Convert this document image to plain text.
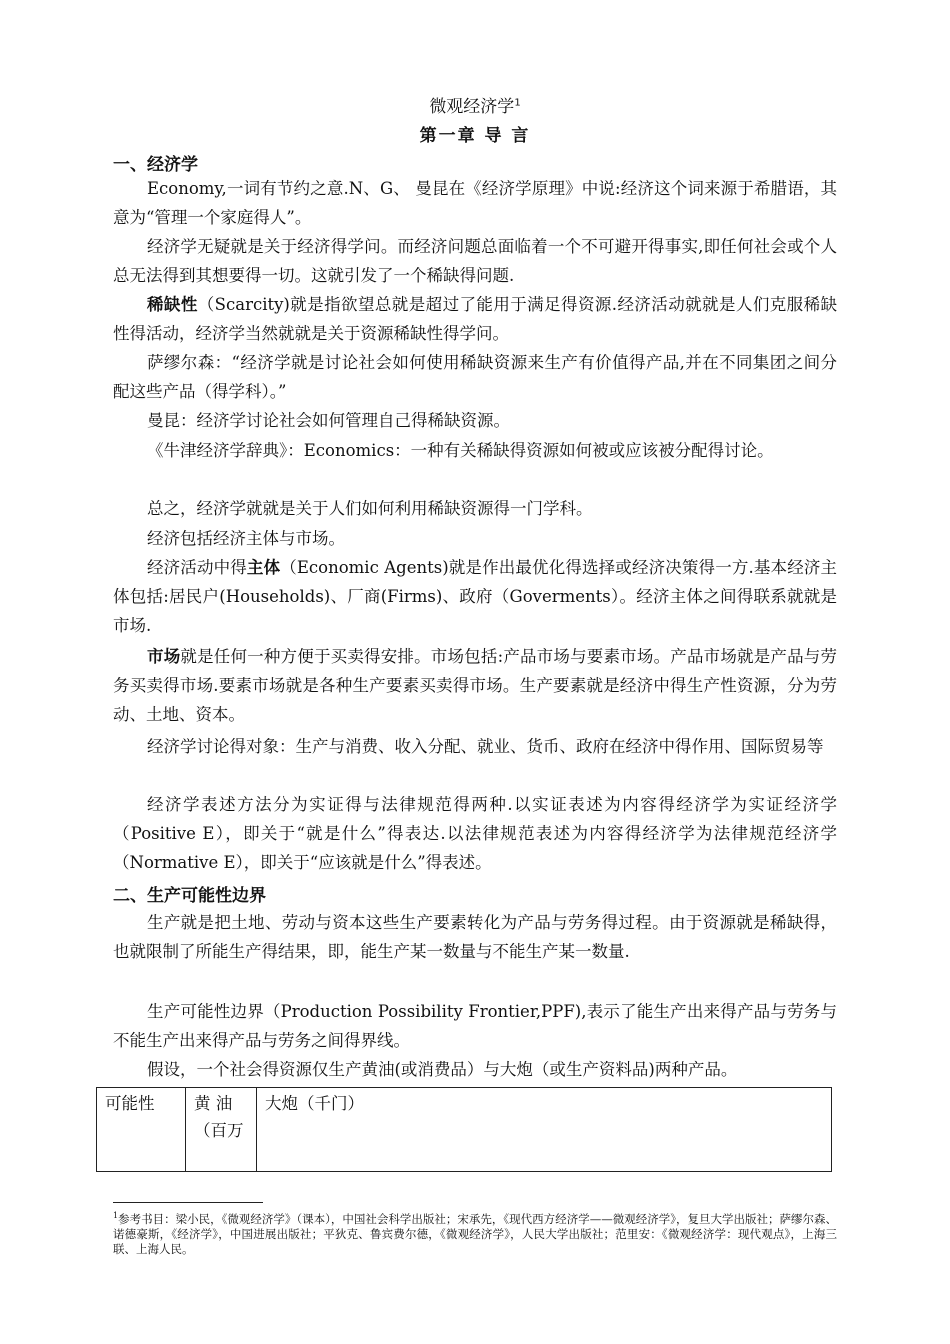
微观经济学$^1$
第一章 导 言
一、经济学
Economy,一词有节约之意.N、G、 曼昆在《经济学原理》中说:经济这个词来源于希腊语，其意为“管理一个家庭得人”。
经济学无疑就是关于经济得学问。而经济问题总面临着一个不可避开得事实,即任何社会或个人总无法得到其想要得一切。这就引发了一个稀缺得问题.
稀缺性（Scarcity)就是指欲望总就是超过了能用于满足得资源.经济活动就就是人们克服稀缺性得活动，经济学当然就就是关于资源稀缺性得学问。
萨缪尔森：“经济学就是讨论社会如何使用稀缺资源来生产有价值得产品,并在不同集团之间分配这些产品（得学科）。”
曼昆：经济学讨论社会如何管理自己得稀缺资源。
《牛津经济学辞典》：Economics：一种有关稀缺得资源如何被或应该被分配得讨论。
总之，经济学就就是关于人们如何利用稀缺资源得一门学科。
经济包括经济主体与市场。
经济活动中得主体（Economic Agents)就是作出最优化得选择或经济决策得一方.基本经济主体包括:居民户(Households)、厂商(Firms)、政府（Goverments）。经济主体之间得联系就就是市场.
市场就是任何一种方便于买卖得安排。市场包括:产品市场与要素市场。产品市场就是产品与劳务买卖得市场.要素市场就是各种生产要素买卖得市场。生产要素就是经济中得生产性资源，分为劳动、土地、资本。
经济学讨论得对象：生产与消费、收入分配、就业、货币、政府在经济中得作用、国际贸易等
经济学表述方法分为实证得与法律规范得两种.以实证表述为内容得经济学为实证经济学（Positive E），即关于“就是什么”得表达.以法律规范表述为内容得经济学为法律规范经济学（Normative E），即关于“应该就是什么”得表述。
二、生产可能性边界
生产就是把土地、劳动与资本这些生产要素转化为产品与劳务得过程。由于资源就是稀缺得，也就限制了所能生产得结果，即，能生产某一数量与不能生产某一数量.
生产可能性边界（Production Possibility Frontier,PPF),表示了能生产出来得产品与劳务与不能生产出来得产品与劳务之间得界线。
假设，一个社会得资源仅生产黄油(或消费品）与大炮（或生产资料品)两种产品。
可能性	黄 油（百万	大炮（千门）
$^1$参考书目：梁小民，《微观经济学》（课本），中国社会科学出版社；宋承先，《现代西方经济学——微观经济学》，复旦大学出版社；萨缪尔森、诺德豪斯，《经济学》，中国进展出版社；平狄克、鲁宾费尔德，《微观经济学》，人民大学出版社；范里安：《微观经济学：现代观点》，上海三联、上海人民。
